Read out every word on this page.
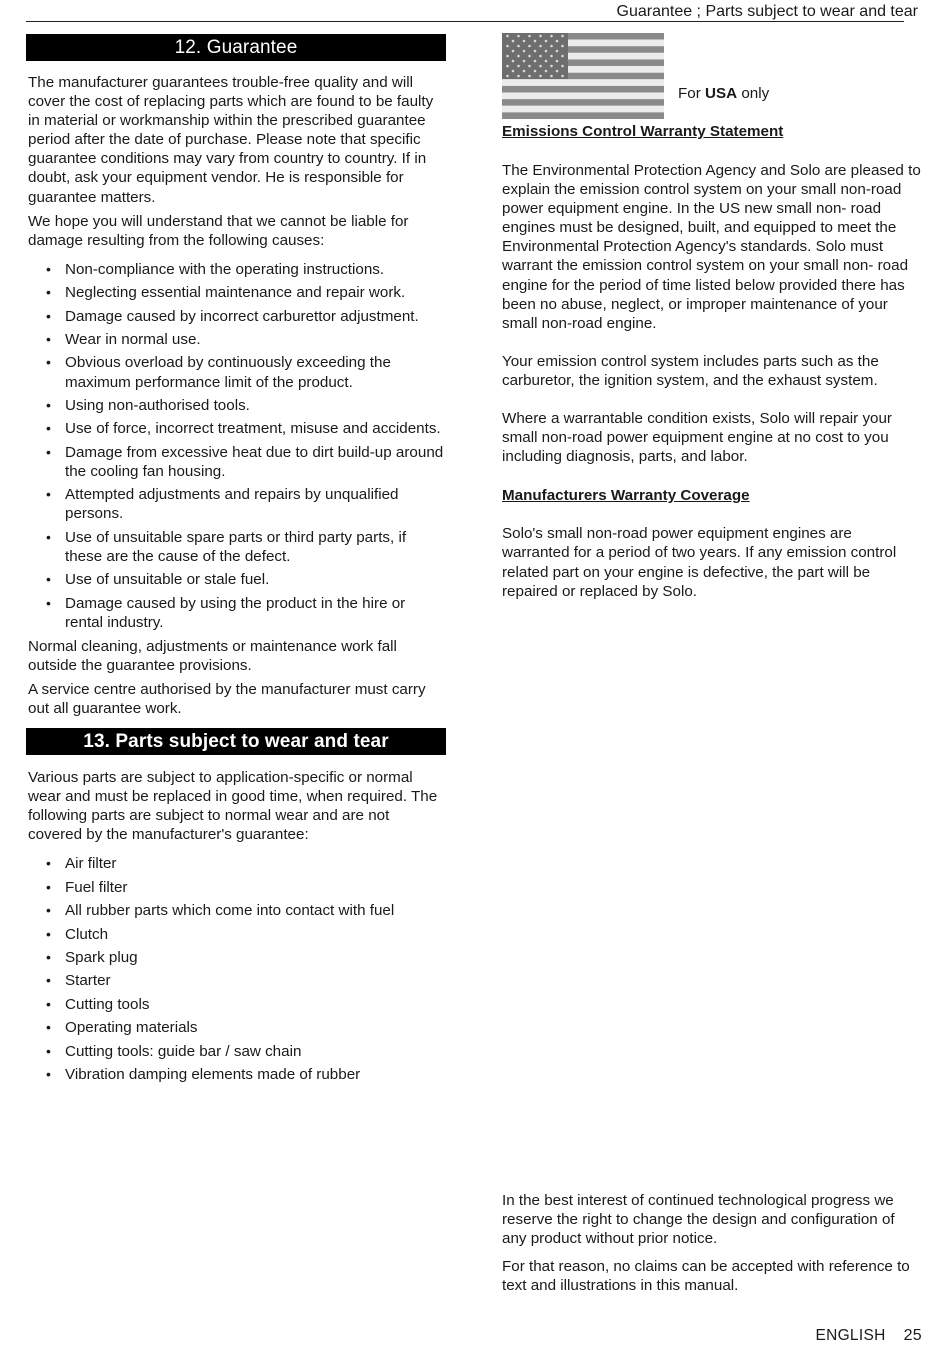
Guarantee ; Parts subject to wear and tear
12. Guarantee

The manufacturer guarantees trouble-free quality and will cover the cost of replacing parts which are found to be faulty in material or workmanship within the prescribed guarantee period after the date of purchase. Please note that specific guarantee conditions may vary from country to country. If in doubt, ask your equipment vendor. He is responsible for guarantee matters.

We hope you will understand that we cannot be liable for damage resulting from the following causes:

• Non-compliance with the operating instructions.
• Neglecting essential maintenance and repair work.
• Damage caused by incorrect carburettor adjustment.
• Wear in normal use.
• Obvious overload by continuously exceeding the maximum performance limit of the product.
• Using non-authorised tools.
• Use of force, incorrect treatment, misuse and accidents.
• Damage from excessive heat due to dirt build-up around the cooling fan housing.
• Attempted adjustments and repairs by unqualified persons.
• Use of unsuitable spare parts or third party parts, if these are the cause of the defect.
• Use of unsuitable or stale fuel.
• Damage caused by using the product in the hire or rental industry.

Normal cleaning, adjustments or maintenance work fall outside the guarantee provisions.

A service centre authorised by the manufacturer must carry out all guarantee work.

13. Parts subject to wear and tear

Various parts are subject to application-specific or normal wear and must be replaced in good time, when required. The following parts are subject to normal wear and are not covered by the manufacturer's guarantee:

• Air filter
• Fuel filter
• All rubber parts which come into contact with fuel
• Clutch
• Spark plug
• Starter
• Cutting tools
• Operating materials
• Cutting tools: guide bar / saw chain
• Vibration damping elements made of rubber
For USA only
Emissions Control Warranty Statement

The Environmental Protection Agency and Solo are pleased to explain the emission control system on your small non-road power equipment engine. In the US new small non- road engines must be designed, built, and equipped to meet the Environmental Protection Agency's standards. Solo must warrant the emission control system on your small non- road engine for the period of time listed below provided there has been no abuse, neglect, or improper maintenance of your small non-road engine.

Your emission control system includes parts such as the carburetor, the ignition system, and the exhaust system.

Where a warrantable condition exists, Solo will repair your small non-road power equipment engine at no cost to you including diagnosis, parts, and labor.

Manufacturers Warranty Coverage

Solo's small non-road power equipment engines are warranted for a period of two years. If any emission control related part on your engine is defective, the part will be repaired or replaced by Solo.

In the best interest of continued technological progress we reserve the right to change the design and configuration of any product without prior notice.

For that reason, no claims can be accepted with reference to text and illustrations in this manual.

ENGLISH 25
